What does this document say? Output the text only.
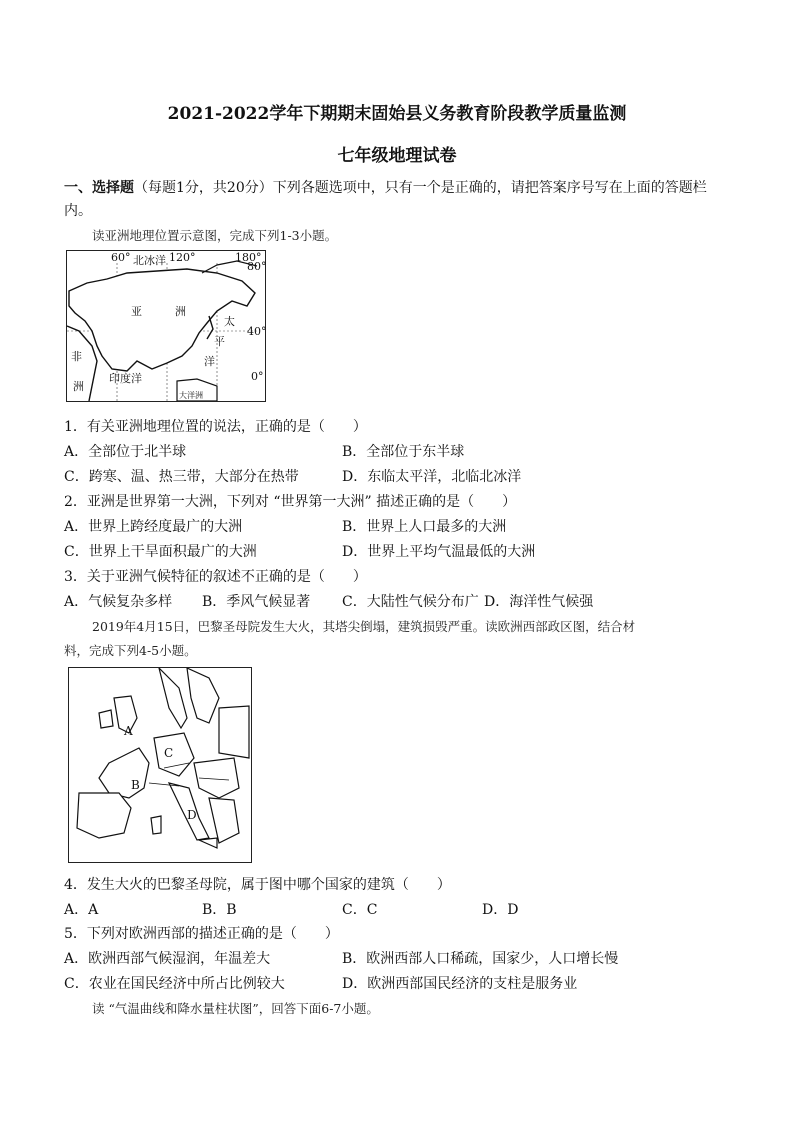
2021-2022学年下期期末固始县义务教育阶段教学质量监测
七年级地理试卷
一、选择题（每题1分，共20分）下列各题选项中，只有一个是正确的，请把答案序号写在上面的答题栏
内。
读亚洲地理位置示意图，完成下列1-3小题。
60° 北冰洋 120°	180°
80°
40°
0°
亚	洲
太
平
洋
非
洲
印度洋
大洋洲
1．有关亚洲地理位置的说法，正确的是（　　）
A．全部位于北半球	B．全部位于东半球
C．跨寒、温、热三带，大部分在热带	D．东临太平洋，北临北冰洋
2．亚洲是世界第一大洲，下列对 “世界第一大洲” 描述正确的是（　　）
A．世界上跨经度最广的大洲	B．世界上人口最多的大洲
C．世界上干旱面积最广的大洲	D．世界上平均气温最低的大洲
3．关于亚洲气候特征的叙述不正确的是（　　）
A．气候复杂多样 B．季风气候显著 C．大陆性气候分布广 D．海洋性气候强
2019年4月15日，巴黎圣母院发生大火，其塔尖倒塌，建筑损毁严重。读欧洲西部政区图，结合材
料，完成下列4-5小题。
A
B
C
D
4．发生大火的巴黎圣母院，属于图中哪个国家的建筑（　　）
A．A	B．B	C．C	D．D
5．下列对欧洲西部的描述正确的是（　　）
A．欧洲西部气候湿润，年温差大	B．欧洲西部人口稀疏，国家少，人口增长慢
C．农业在国民经济中所占比例较大	D．欧洲西部国民经济的支柱是服务业
读 “气温曲线和降水量柱状图”，回答下面6-7小题。
